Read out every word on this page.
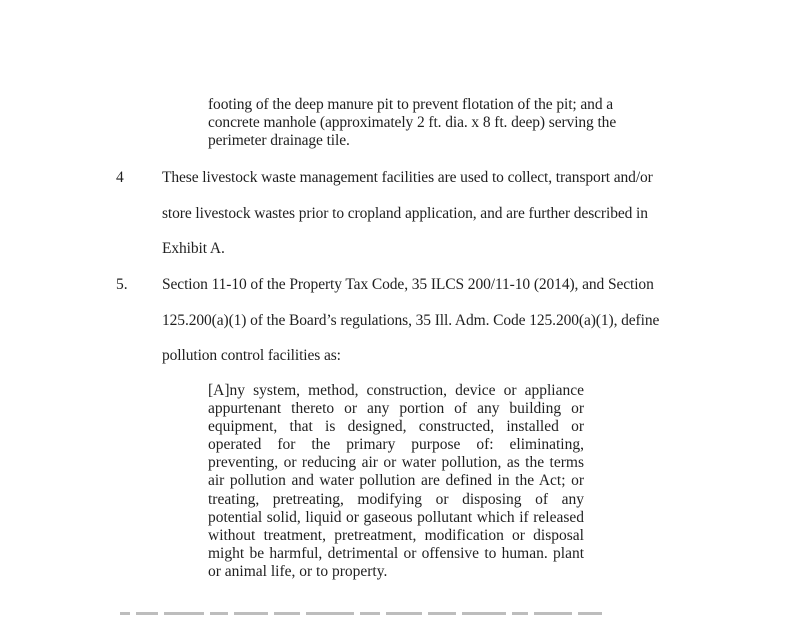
footing of the deep manure pit to prevent flotation of the pit; and a
concrete manhole (approximately 2 ft. dia. x 8 ft. deep) serving the
perimeter drainage tile.
4 These livestock waste management facilities are used to collect, transport and/or
store livestock wastes prior to cropland application, and are further described in
Exhibit A.
5. Section 11-10 of the Property Tax Code, 35 ILCS 200/11-10 (2014), and Section
125.200(a)(1) of the Board’s regulations, 35 Ill. Adm. Code 125.200(a)(1), define
pollution control facilities as:
[A]ny system, method, construction, device or appliance
appurtenant thereto or any portion of any building or
equipment, that is designed, constructed, installed or
operated for the primary purpose of: eliminating,
preventing, or reducing air or water pollution, as the terms
air pollution and water pollution are defined in the Act; or
treating, pretreating, modifying or disposing of any
potential solid, liquid or gaseous pollutant which if released
without treatment, pretreatment, modification or disposal
might be harmful, detrimental or offensive to human. plant
or animal life, or to property.
